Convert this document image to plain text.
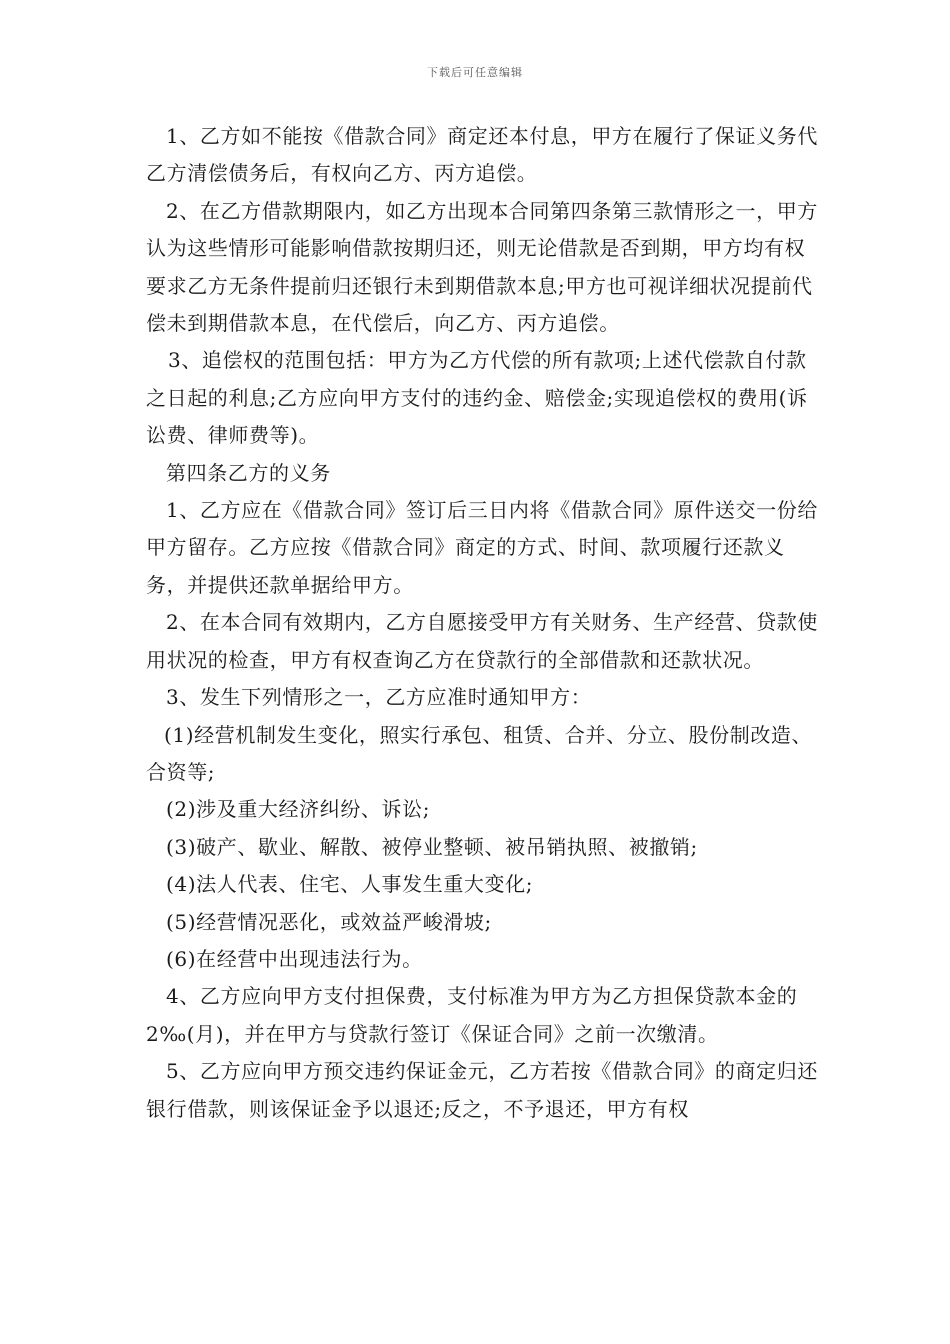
下载后可任意编辑

1、乙方如不能按《借款合同》商定还本付息，甲方在履行了保证义务代乙方清偿债务后，有权向乙方、丙方追偿。

2、在乙方借款期限内，如乙方出现本合同第四条第三款情形之一，甲方认为这些情形可能影响借款按期归还，则无论借款是否到期，甲方均有权要求乙方无条件提前归还银行未到期借款本息;甲方也可视详细状况提前代偿未到期借款本息，在代偿后，向乙方、丙方追偿。

3、追偿权的范围包括：甲方为乙方代偿的所有款项;上述代偿款自付款之日起的利息;乙方应向甲方支付的违约金、赔偿金;实现追偿权的费用(诉讼费、律师费等)。

第四条乙方的义务

1、乙方应在《借款合同》签订后三日内将《借款合同》原件送交一份给甲方留存。乙方应按《借款合同》商定的方式、时间、款项履行还款义务，并提供还款单据给甲方。

2、在本合同有效期内，乙方自愿接受甲方有关财务、生产经营、贷款使用状况的检查，甲方有权查询乙方在贷款行的全部借款和还款状况。

3、发生下列情形之一，乙方应准时通知甲方：

(1)经营机制发生变化，照实行承包、租赁、合并、分立、股份制改造、合资等;

(2)涉及重大经济纠纷、诉讼;

(3)破产、歇业、解散、被停业整顿、被吊销执照、被撤销;

(4)法人代表、住宅、人事发生重大变化;

(5)经营情况恶化，或效益严峻滑坡;

(6)在经营中出现违法行为。

4、乙方应向甲方支付担保费，支付标准为甲方为乙方担保贷款本金的2‰(月)，并在甲方与贷款行签订《保证合同》之前一次缴清。

5、乙方应向甲方预交违约保证金元，乙方若按《借款合同》的商定归还银行借款，则该保证金予以退还;反之，不予退还，甲方有权
